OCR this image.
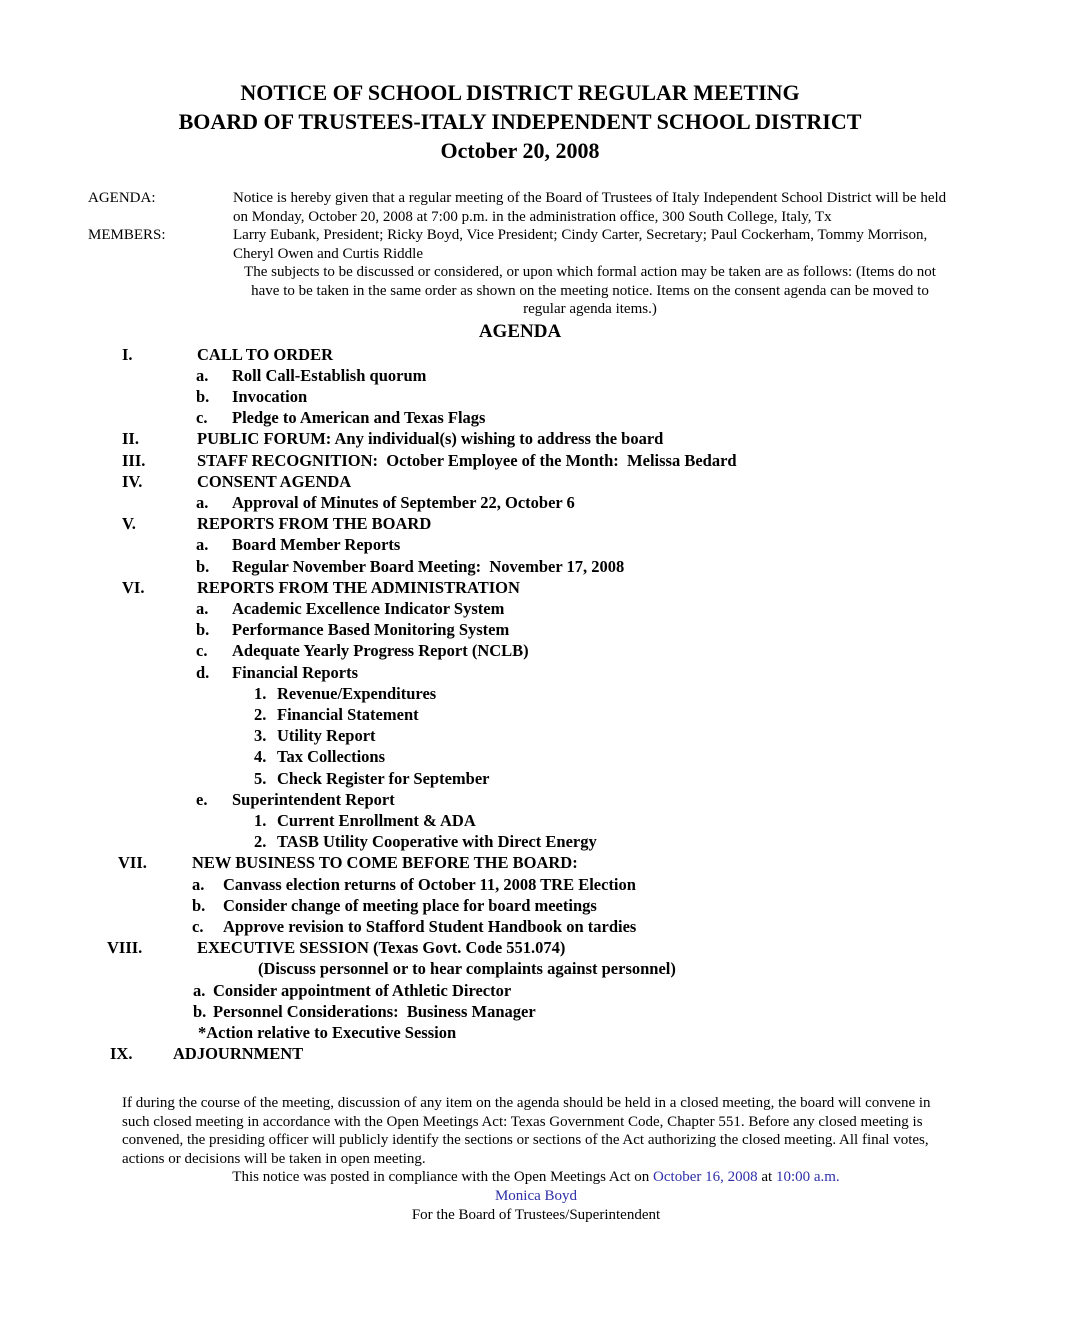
NOTICE OF SCHOOL DISTRICT REGULAR MEETING
BOARD OF TRUSTEES-ITALY INDEPENDENT SCHOOL DISTRICT
October 20, 2008
AGENDA:	Notice is hereby given that a regular meeting of the Board of Trustees of Italy Independent School District will be held on Monday, October 20, 2008 at 7:00 p.m. in the administration office, 300 South College, Italy, Tx

MEMBERS:	Larry Eubank, President; Ricky Boyd, Vice President; Cindy Carter, Secretary; Paul Cockerham, Tommy Morrison, Cheryl Owen and Curtis Riddle

The subjects to be discussed or considered, or upon which formal action may be taken are as follows: (Items do not have to be taken in the same order as shown on the meeting notice. Items on the consent agenda can be moved to regular agenda items.)

AGENDA
I.	CALL TO ORDER
a.	Roll Call-Establish quorum
b.	Invocation
c.	Pledge to American and Texas Flags
II.	PUBLIC FORUM: Any individual(s) wishing to address the board
III.	STAFF RECOGNITION:  October Employee of the Month:  Melissa Bedard
IV.	CONSENT AGENDA
a.	Approval of Minutes of September 22, October 6
V.	REPORTS FROM THE BOARD
a.	Board Member Reports
b.	Regular November Board Meeting:  November 17, 2008
VI.	REPORTS FROM THE ADMINISTRATION
a.	Academic Excellence Indicator System
b.	Performance Based Monitoring System
c.	Adequate Yearly Progress Report (NCLB)
d.	Financial Reports
1. Revenue/Expenditures
2. Financial Statement
3. Utility Report
4. Tax Collections
5. Check Register for September
e.	Superintendent Report
1. Current Enrollment & ADA
2. TASB Utility Cooperative with Direct Energy
VII.	NEW BUSINESS TO COME BEFORE THE BOARD:
a.	Canvass election returns of October 11, 2008 TRE Election
b.	Consider change of meeting place for board meetings
c.	Approve revision to Stafford Student Handbook on tardies
VIII.	EXECUTIVE SESSION (Texas Govt. Code 551.074)
(Discuss personnel or to hear complaints against personnel)
a. Consider appointment of Athletic Director
b. Personnel Considerations:  Business Manager
*Action relative to Executive Session
IX.	ADJOURNMENT

If during the course of the meeting, discussion of any item on the agenda should be held in a closed meeting, the board will convene in such closed meeting in accordance with the Open Meetings Act: Texas Government Code, Chapter 551. Before any closed meeting is convened, the presiding officer will publicly identify the sections or sections of the Act authorizing the closed meeting. All final votes, actions or decisions will be taken in open meeting.

This notice was posted in compliance with the Open Meetings Act on October 16, 2008 at 10:00 a.m.

Monica Boyd

For the Board of Trustees/Superintendent
